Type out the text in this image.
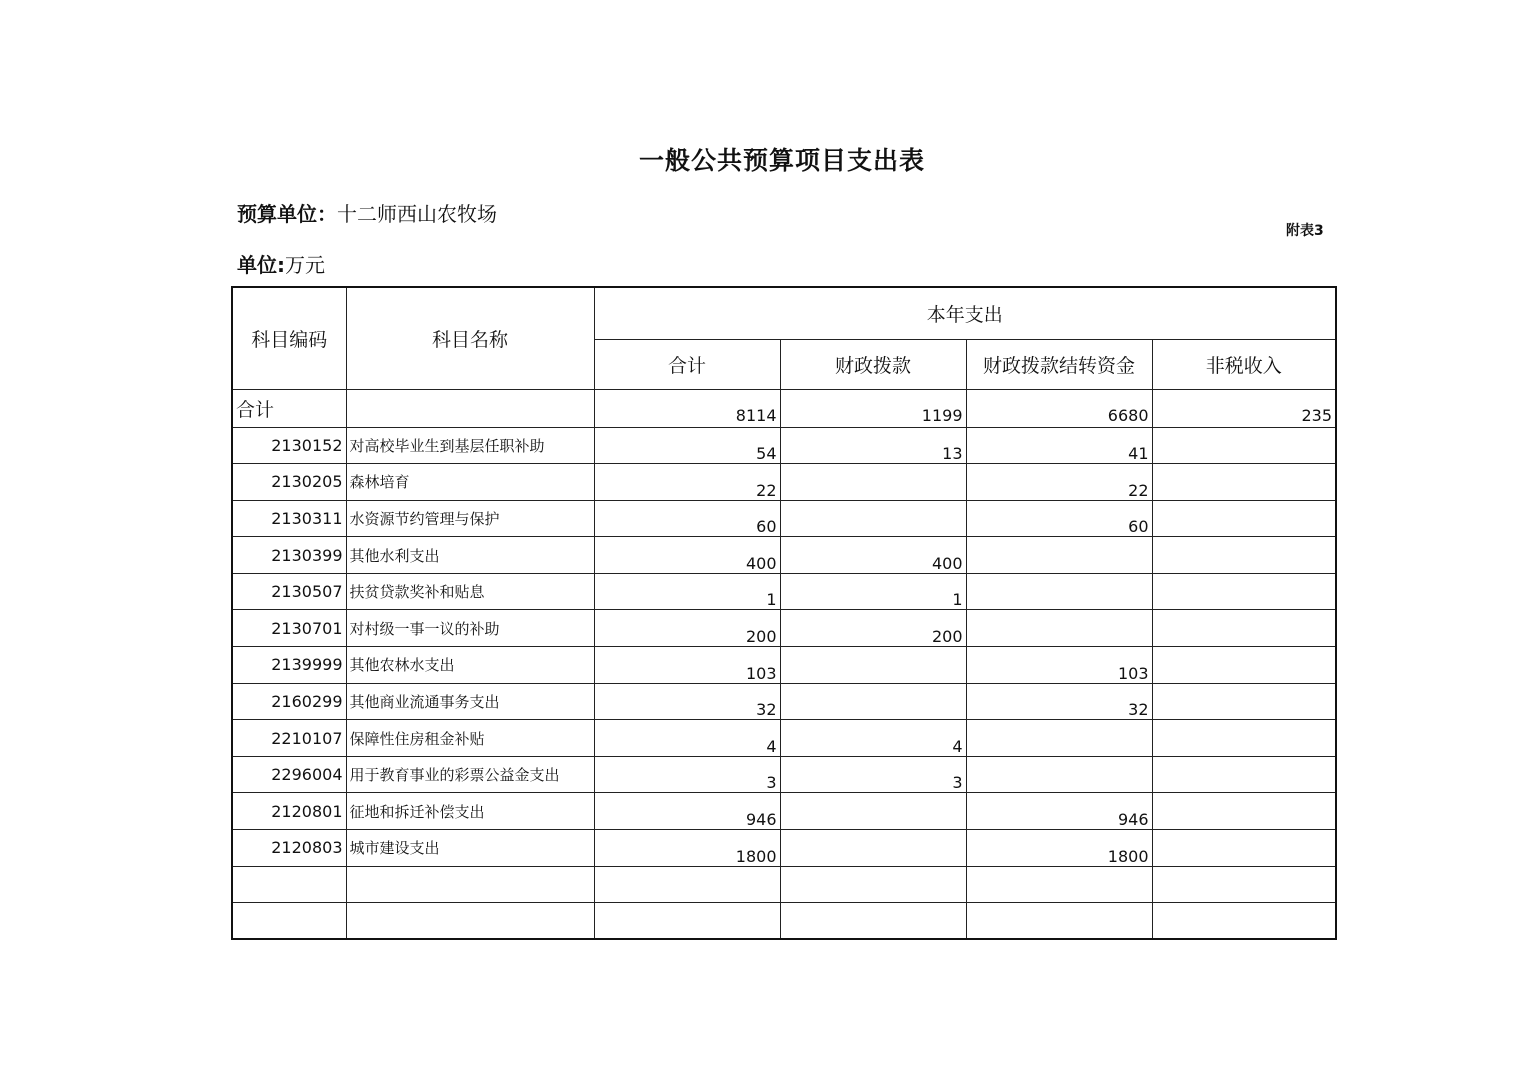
一般公共预算项目支出表
预算单位：十二师西山农牧场
附表3
单位:万元
科目编码	科目名称	本年支出			
		合计	财政拨款	财政拨款结转资金	非税收入
合计		8114	1199	6680	235
2130152	对高校毕业生到基层任职补助	54	13	41	
2130205	森林培育	22		22	
2130311	水资源节约管理与保护	60		60	
2130399	其他水利支出	400	400		
2130507	扶贫贷款奖补和贴息	1	1		
2130701	对村级一事一议的补助	200	200		
2139999	其他农林水支出	103		103	
2160299	其他商业流通事务支出	32		32	
2210107	保障性住房租金补贴	4	4		
2296004	用于教育事业的彩票公益金支出	3	3		
2120801	征地和拆迁补偿支出	946		946	
2120803	城市建设支出	1800		1800	
